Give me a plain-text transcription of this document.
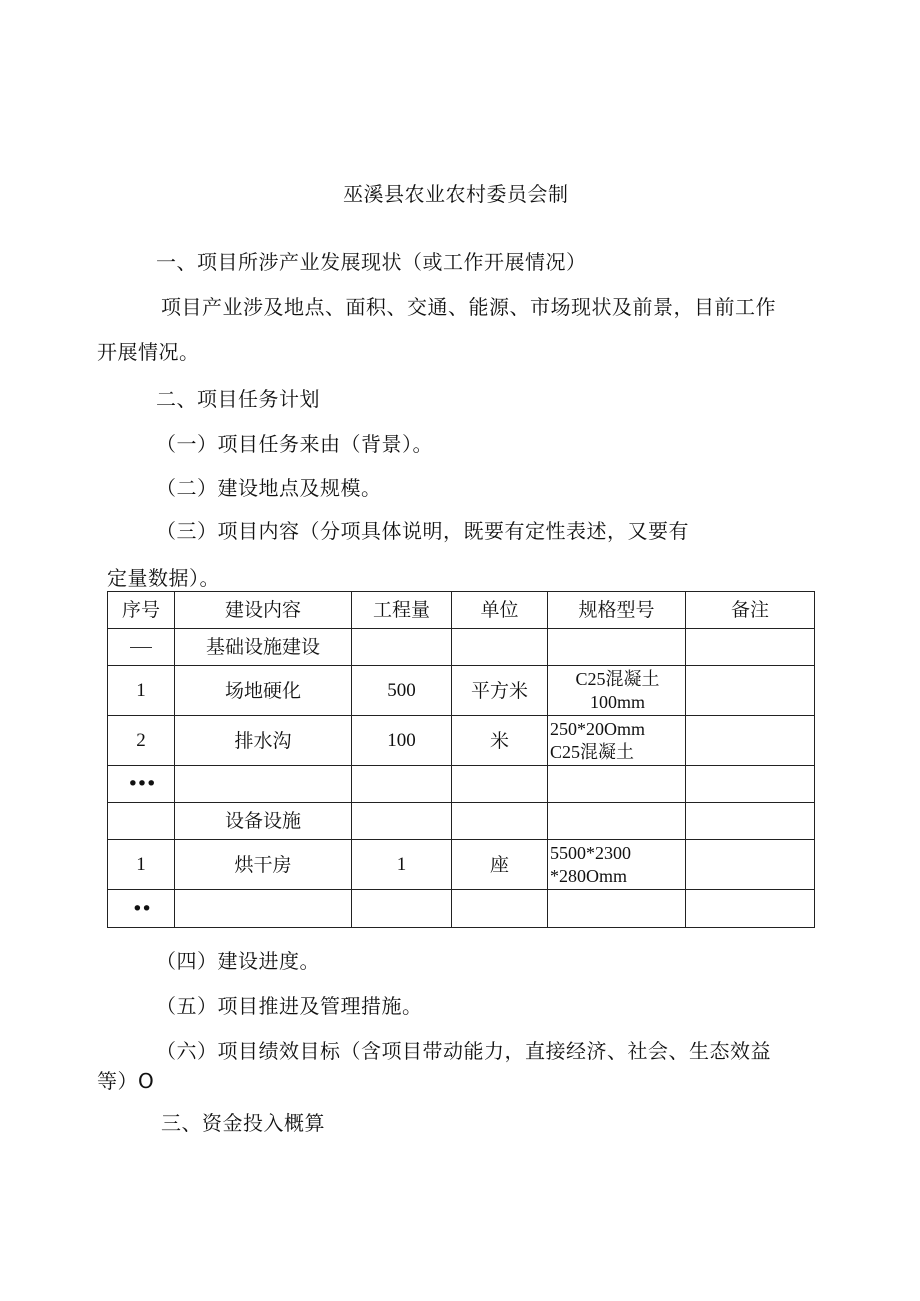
巫溪县农业农村委员会制
一、项目所涉产业发展现状（或工作开展情况）
项目产业涉及地点、面积、交通、能源、市场现状及前景，目前工作
开展情况。
二、项目任务计划
（一）项目任务来由（背景）。
（二）建设地点及规模。
（三）项目内容（分项具体说明，既要有定性表述，又要有
定量数据）。
序号	建设内容	工程量	单位	规格型号	备注
	基础设施建设				
1	场地硬化	500	平方米	C25混凝土
100mm	

2	排水沟	100	米	250*20Omm
C25混凝土	

•••					
	设备设施				
1	烘干房	1	座	5500*2300
*280Omm	

••					
（四）建设进度。
（五）项目推进及管理措施。
（六）项目绩效目标（含项目带动能力，直接经济、社会、生态效益
等）O
三、资金投入概算
